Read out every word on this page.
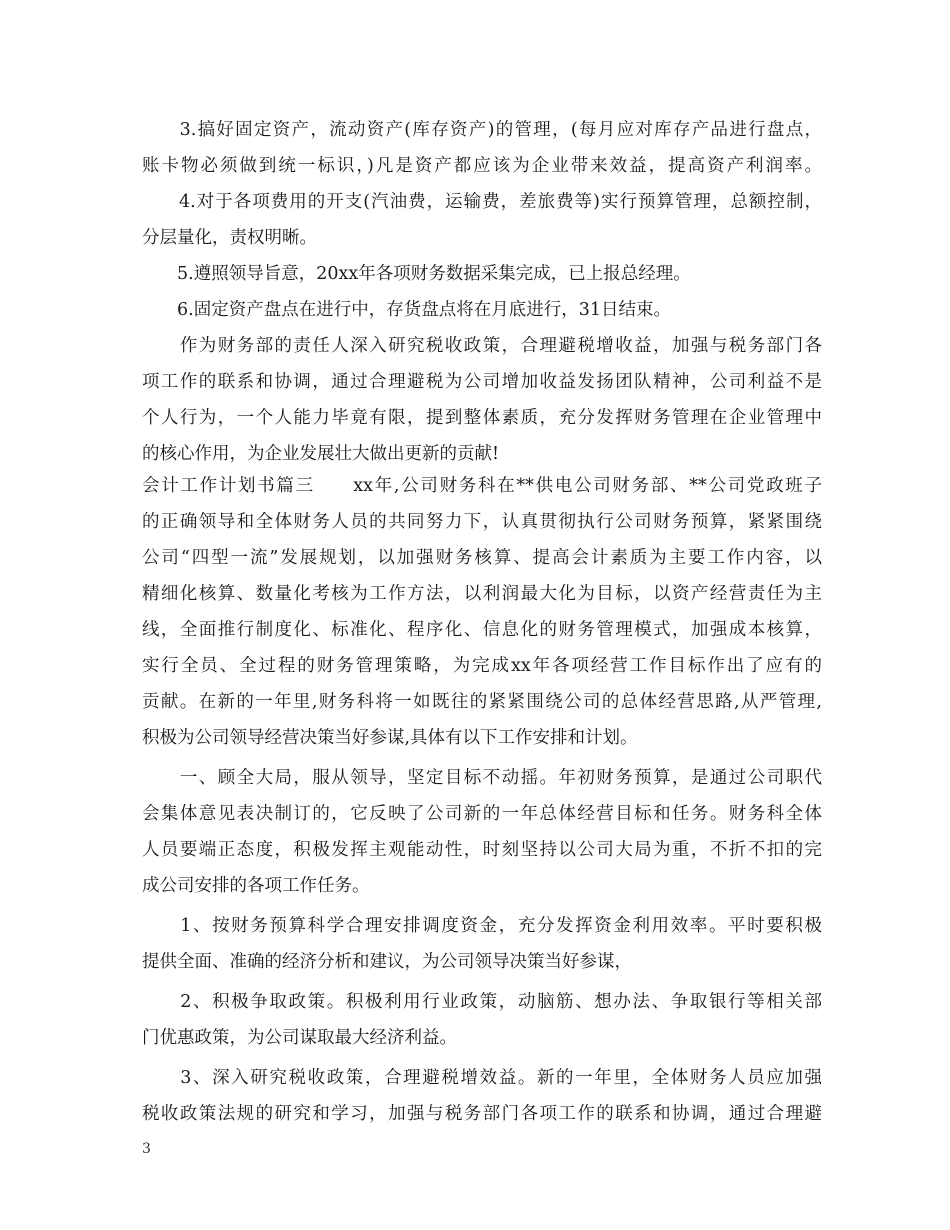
　　3.搞好固定资产，流动资产(库存资产)的管理，(每月应对库存产品进行盘点，
账卡物必须做到统一标识，)凡是资产都应该为企业带来效益，提高资产利润率。
　　4.对于各项费用的开支(汽油费，运输费，差旅费等)实行预算管理，总额控制，
分层量化，责权明晰。
　　5.遵照领导旨意，20xx年各项财务数据采集完成，已上报总经理。
　　6.固定资产盘点在进行中，存货盘点将在月底进行，31日结束。
　　作为财务部的责任人深入研究税收政策，合理避税增收益，加强与税务部门各
项工作的联系和协调，通过合理避税为公司增加收益发扬团队精神，公司利益不是
个人行为，一个人能力毕竟有限，提到整体素质，充分发挥财务管理在企业管理中
的核心作用，为企业发展壮大做出更新的贡献!
会计工作计划书篇三　　xx年,公司财务科在**供电公司财务部、**公司党政班子
的正确领导和全体财务人员的共同努力下，认真贯彻执行公司财务预算，紧紧围绕
公司“四型一流”发展规划，以加强财务核算、提高会计素质为主要工作内容，以
精细化核算、数量化考核为工作方法，以利润最大化为目标，以资产经营责任为主
线，全面推行制度化、标准化、程序化、信息化的财务管理模式，加强成本核算，
实行全员、全过程的财务管理策略，为完成xx年各项经营工作目标作出了应有的
贡献。在新的一年里,财务科将一如既往的紧紧围绕公司的总体经营思路,从严管理,
积极为公司领导经营决策当好参谋,具体有以下工作安排和计划。
　　一、顾全大局，服从领导，坚定目标不动摇。年初财务预算，是通过公司职代
会集体意见表决制订的，它反映了公司新的一年总体经营目标和任务。财务科全体
人员要端正态度，积极发挥主观能动性，时刻坚持以公司大局为重，不折不扣的完
成公司安排的各项工作任务。
　　1、按财务预算科学合理安排调度资金，充分发挥资金利用效率。平时要积极
提供全面、准确的经济分析和建议，为公司领导决策当好参谋，
　　2、积极争取政策。积极利用行业政策，动脑筋、想办法、争取银行等相关部
门优惠政策，为公司谋取最大经济利益。
　　3、深入研究税收政策，合理避税增效益。新的一年里，全体财务人员应加强
税收政策法规的研究和学习，加强与税务部门各项工作的联系和协调，通过合理避
3
